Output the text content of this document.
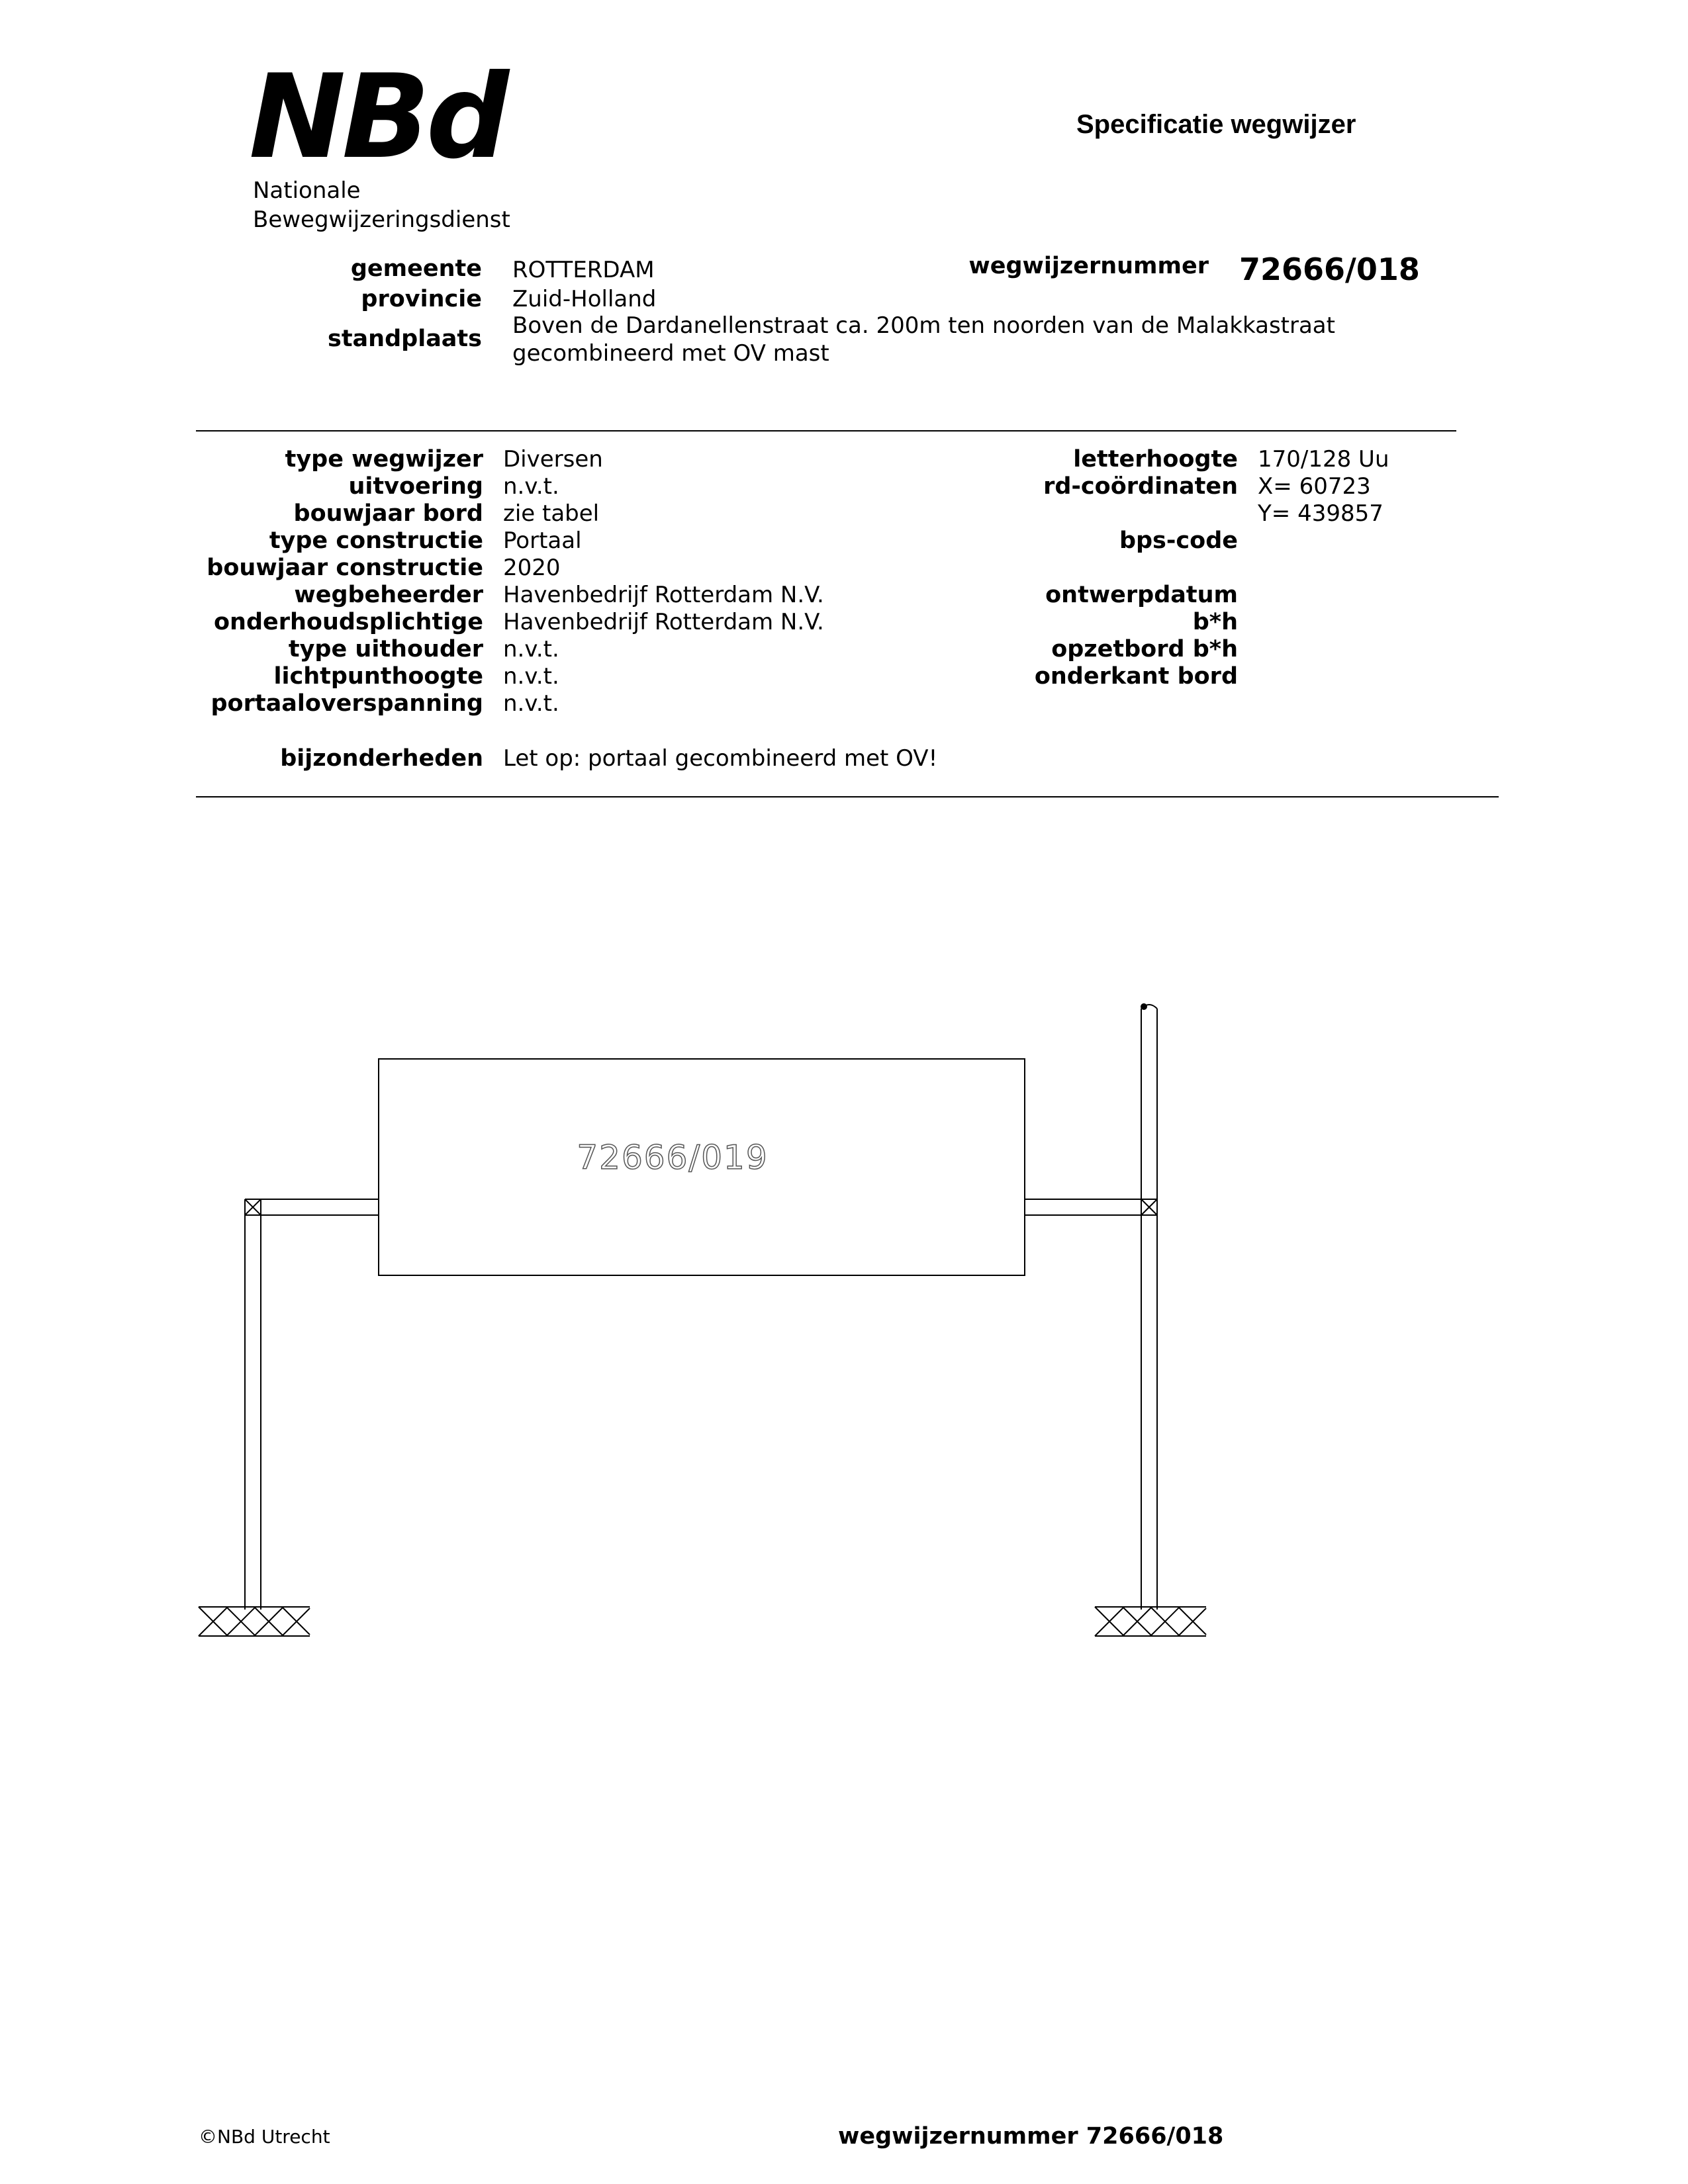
NBd
Nationale
Bewegwijzeringsdienst
Specificatie wegwijzer
gemeente ROTTERDAM
provincie Zuid-Holland
standplaats Boven de Dardanellenstraat ca. 200m ten noorden van de Malakkastraat
gecombineerd met OV mast
wegwijzernummer 72666/018
type wegwijzer Diversen
uitvoering n.v.t.
bouwjaar bord zie tabel
type constructie Portaal
bouwjaar constructie 2020
wegbeheerder Havenbedrijf Rotterdam N.V.
onderhoudsplichtige Havenbedrijf Rotterdam N.V.
type uithouder n.v.t.
lichtpunthoogte n.v.t.
portaaloverspanning n.v.t.
letterhoogte 170/128 Uu
rd-coördinaten X= 60723
Y= 439857
bps-code
ontwerpdatum
b*h
opzetbord b*h
onderkant bord
bijzonderheden Let op: portaal gecombineerd met OV!
72666/019
©NBd Utrecht	wegwijzernummer 72666/018
